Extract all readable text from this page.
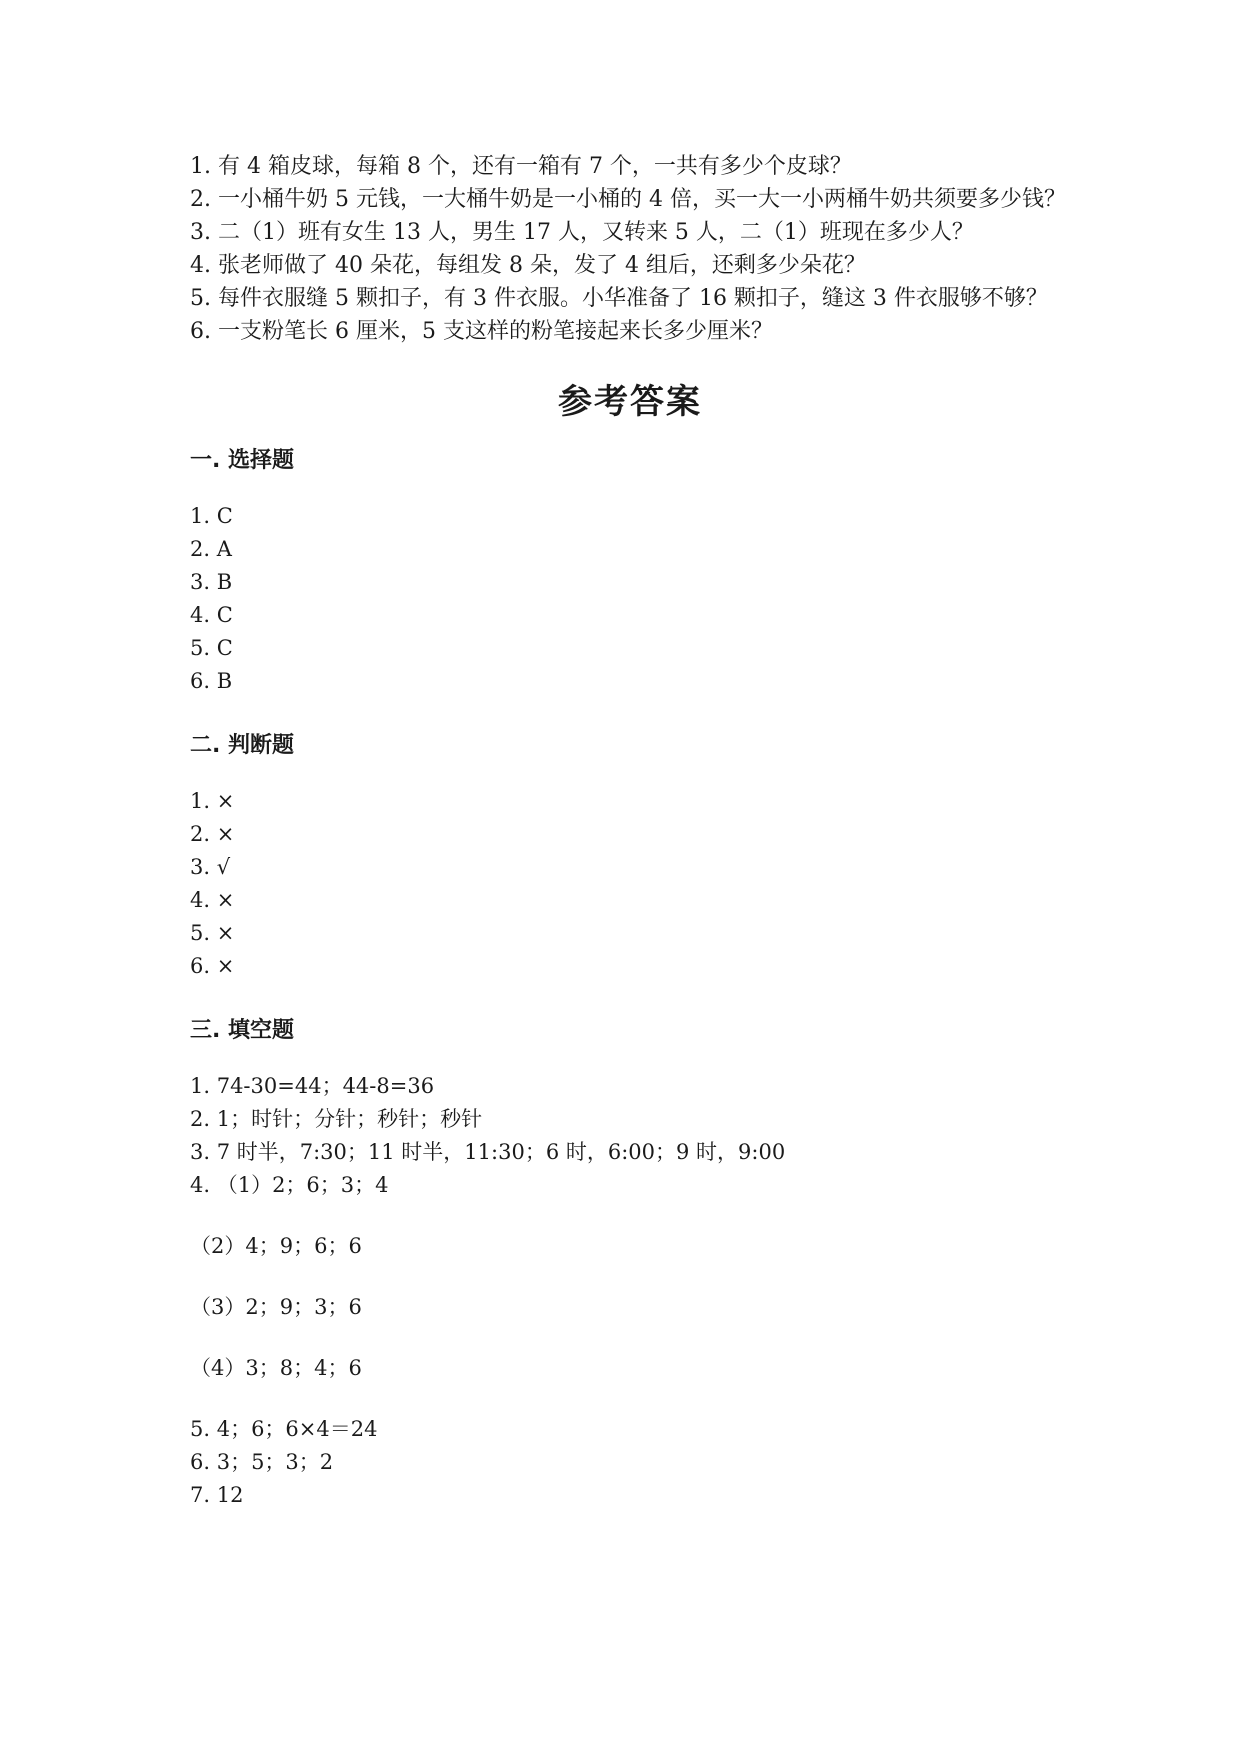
1. 有 4 箱皮球，每箱 8 个，还有一箱有 7 个，一共有多少个皮球？

2. 一小桶牛奶 5 元钱，一大桶牛奶是一小桶的 4 倍，买一大一小两桶牛奶共须要多少钱？

3. 二（1）班有女生 13 人，男生 17 人，又转来 5 人，二（1）班现在多少人？

4. 张老师做了 40 朵花，每组发 8 朵，发了 4 组后，还剩多少朵花？

5. 每件衣服缝 5 颗扣子，有 3 件衣服。小华准备了 16 颗扣子，缝这 3 件衣服够不够？

6. 一支粉笔长 6 厘米，5 支这样的粉笔接起来长多少厘米？

参考答案
一. 选择题

1. C

2. A

3. B

4. C

5. C

6. B

二. 判断题

1. ×

2. ×

3. √

4. ×

5. ×

6. ×

三. 填空题

1. 74-30=44；44-8=36

2. 1；时针；分针；秒针；秒针

3. 7 时半，7:30；11 时半，11:30；6 时，6:00；9 时，9:00

4. （1）2；6；3；4

（2）4；9；6；6

（3）2；9；3；6

（4）3；8；4；6

5. 4；6；6×4＝24

6. 3；5；3；2

7. 12
